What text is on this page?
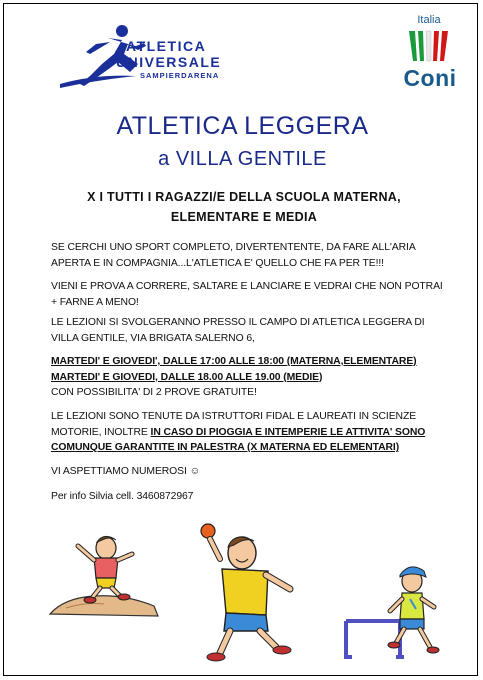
ATLETICA
UNIVERSALE
SAMPIERDARENA
Italia
Coni
ATLETICA LEGGERA
a VILLA GENTILE
X I TUTTI I RAGAZZI/E DELLA SCUOLA MATERNA,
ELEMENTARE E MEDIA

SE CERCHI UNO SPORT COMPLETO, DIVERTENTENTE, DA FARE ALL'ARIA APERTA E IN COMPAGNIA...L'ATLETICA E' QUELLO CHE FA PER TE!!!

VIENI E PROVA A CORRERE, SALTARE E LANCIARE E VEDRAI CHE NON POTRAI + FARNE A MENO!

LE LEZIONI SI SVOLGERANNO PRESSO IL CAMPO DI ATLETICA LEGGERA DI VILLA GENTILE, VIA BRIGATA SALERNO 6,

MARTEDI' E GIOVEDI', DALLE 17:00 ALLE 18:00 (MATERNA,ELEMENTARE)

MARTEDI' E GIOVEDI, DALLE 18.00 ALLE 19.00 (MEDIE)

CON POSSIBILITA' DI 2 PROVE GRATUITE!

LE LEZIONI SONO TENUTE DA ISTRUTTORI FIDAL E LAUREATI IN SCIENZE MOTORIE, INOLTRE IN CASO DI PIOGGIA E INTEMPERIE LE ATTIVITA' SONO COMUNQUE GARANTITE IN PALESTRA (X MATERNA ED ELEMENTARI)

VI ASPETTIAMO NUMEROSI ☺

Per info Silvia cell. 3460872967
